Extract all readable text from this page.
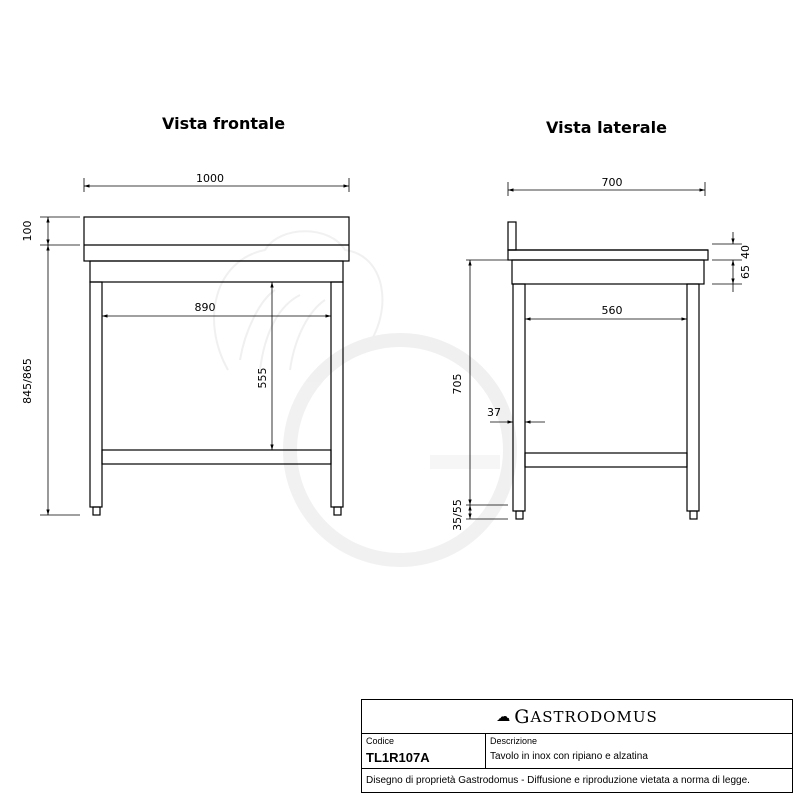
Vista frontale	Vista laterale
1000
890
555
100
845/865
700
560
40
65
705
35/55
37
☁ G ASTRODOMUS
Codice
TL1R107A
Descrizione
Tavolo in inox con ripiano e alzatina
Disegno di proprietà Gastrodomus - Diffusione e riproduzione vietata a norma di legge.
